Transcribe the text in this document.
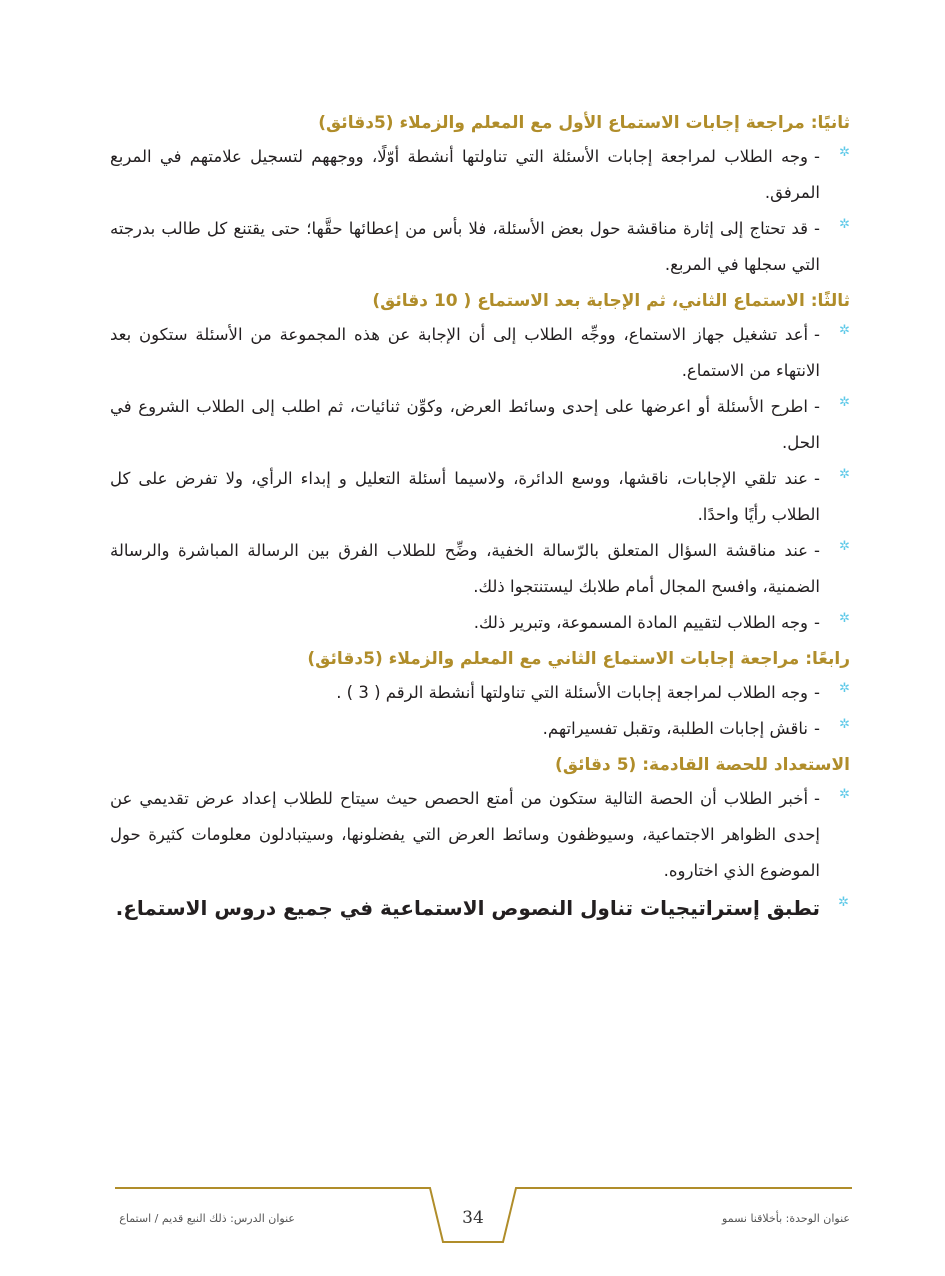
ثانيًا: مراجعة إجابات الاستماع الأول مع المعلم والزملاء (5دقائق)
✲
-وجه الطلاب لمراجعة إجابات الأسئلة التي تناولتها أنشطة أوّلًا، ووجههم لتسجيل علامتهم في المربع المرفق.
✲
-قد تحتاج إلى إثارة مناقشة حول بعض الأسئلة، فلا بأس من إعطائها حقَّها؛ حتى يقتنع كل طالب بدرجته التي سجلها في المربع.
ثالثًا: الاستماع الثاني، ثم الإجابة بعد الاستماع ( 10 دقائق)
✲
-أعد تشغيل جهاز الاستماع، ووجِّه الطلاب إلى أن الإجابة عن هذه المجموعة من الأسئلة ستكون بعد الانتهاء من الاستماع.
✲
-اطرح الأسئلة أو اعرضها على إحدى وسائط العرض، وكوِّن ثنائيات، ثم اطلب إلى الطلاب الشروع في الحل.
✲
-عند تلقي الإجابات، ناقشها، ووسع الدائرة، ولاسيما أسئلة التعليل و إبداء الرأي، ولا تفرض على كل الطلاب رأيًا واحدًا.
✲
-عند مناقشة السؤال المتعلق بالرّسالة الخفية، وضِّح للطلاب الفرق بين الرسالة المباشرة والرسالة الضمنية، وافسح المجال أمام طلابك ليستنتجوا ذلك.
✲
-وجه الطلاب لتقييم المادة المسموعة، وتبرير ذلك.
رابعًا: مراجعة إجابات الاستماع الثاني مع المعلم والزملاء (5دقائق)
✲
-وجه الطلاب لمراجعة إجابات الأسئلة التي تناولتها أنشطة الرقم ( 3 ) .
✲
-ناقش إجابات الطلبة، وتقبل تفسيراتهم.
الاستعداد للحصة القادمة: (5 دقائق)
✲
-أخبر الطلاب أن الحصة التالية ستكون من أمتع الحصص حيث سيتاح للطلاب إعداد عرض تقديمي عن إحدى الظواهر الاجتماعية، وسيوظفون وسائط العرض التي يفضلونها، وسيتبادلون معلومات كثيرة حول الموضوع الذي اختاروه.
✲
تطبق إستراتيجيات تناول النصوص الاستماعية في جميع دروس الاستماع.
عنوان الدرس: ذلك النبع قديم / استماع	عنوان الوحدة: بأخلاقنا نسمو
34
